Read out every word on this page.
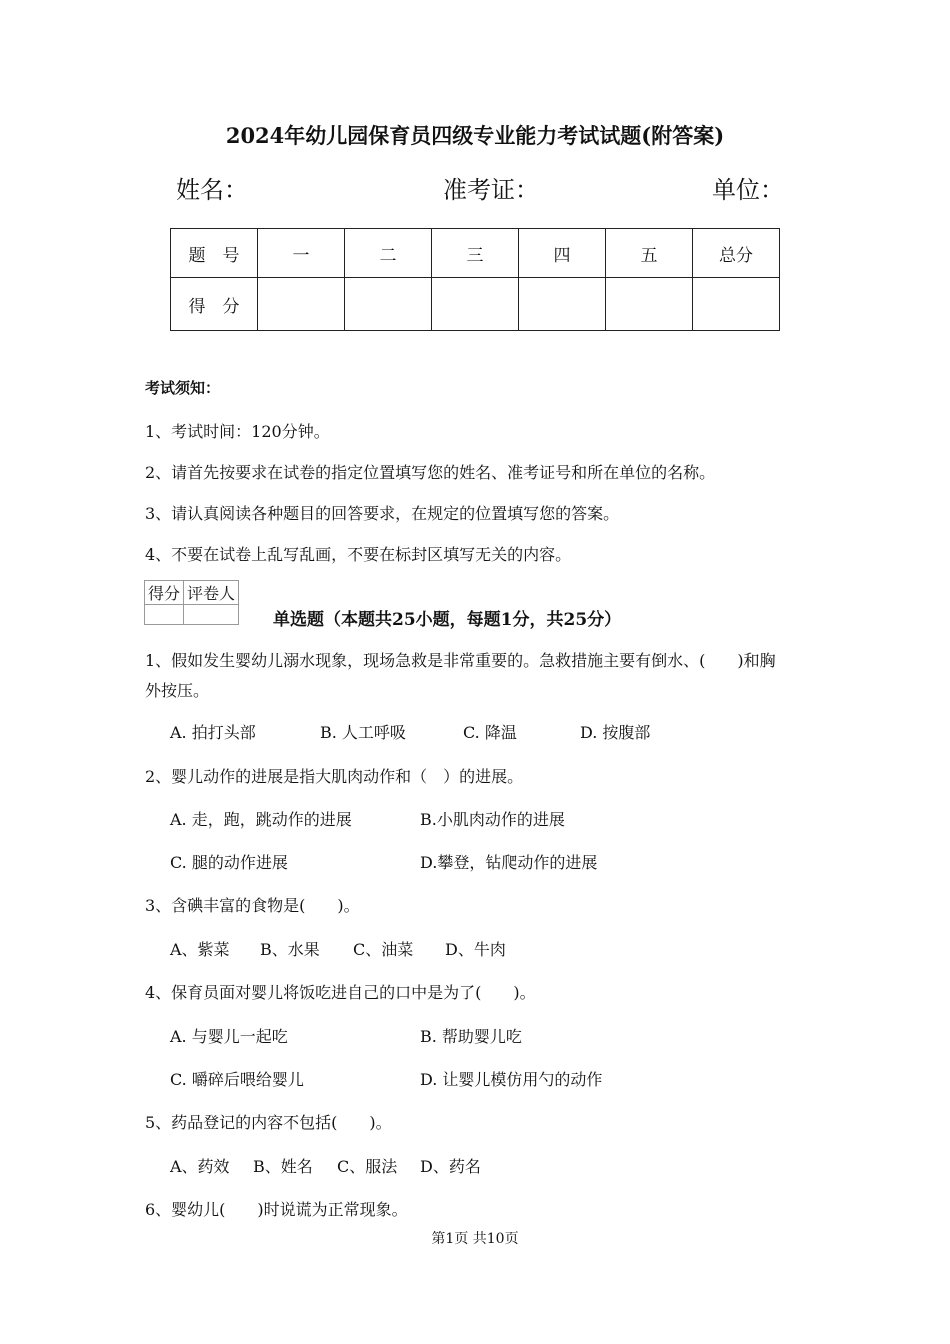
2024年幼儿园保育员四级专业能力考试试题(附答案)
姓名：	准考证：	单位：
题　号	一	二	三	四	五	总分
得　分						
考试须知：
1、考试时间：120分钟。
2、请首先按要求在试卷的指定位置填写您的姓名、准考证号和所在单位的名称。
3、请认真阅读各种题目的回答要求，在规定的位置填写您的答案。
4、不要在试卷上乱写乱画，不要在标封区填写无关的内容。
得分	评卷人

单选题（本题共25小题，每题1分，共25分）
1、假如发生婴幼儿溺水现象，现场急救是非常重要的。急救措施主要有倒水、(　　)和胸
外按压。
A. 拍打头部	B. 人工呼吸	C. 降温	D. 按腹部
2、婴儿动作的进展是指大肌肉动作和（　）的进展。
A. 走，跑，跳动作的进展	B.小肌肉动作的进展
C. 腿的动作进展	D.攀登，钻爬动作的进展
3、含碘丰富的食物是(　　)。
A、紫菜 B、水果 C、油菜 D、牛肉
4、保育员面对婴儿将饭吃进自己的口中是为了(　　)。
A. 与婴儿一起吃	B. 帮助婴儿吃
C. 嚼碎后喂给婴儿	D. 让婴儿模仿用勺的动作
5、药品登记的内容不包括(　　)。
A、药效 B、姓名 C、服法 D、药名
6、婴幼儿(　　)时说谎为正常现象。
第1页 共10页
